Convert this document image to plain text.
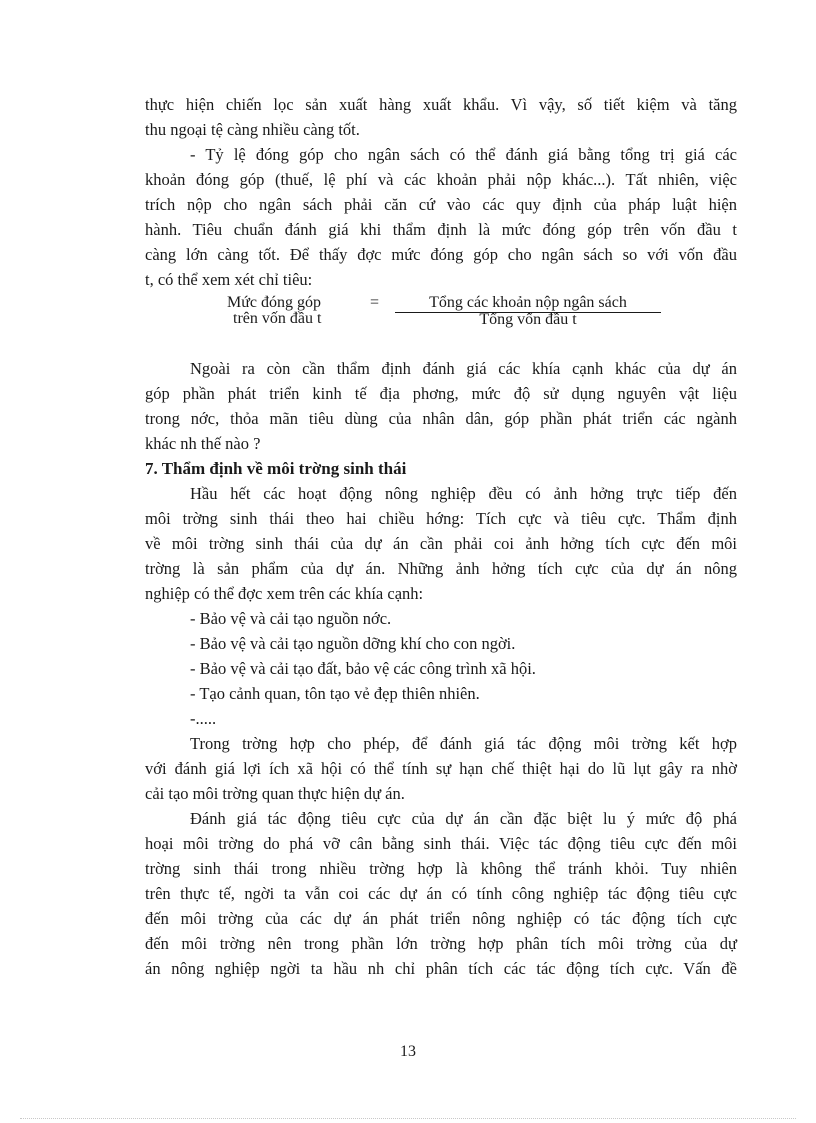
thực hiện chiến lọc sản xuất hàng xuất khẩu. Vì vậy, số tiết kiệm và tăng
thu ngoại tệ càng nhiều càng tốt.
- Tỷ lệ đóng góp cho ngân sách có thể đánh giá bằng tổng trị giá các
khoản đóng góp (thuế, lệ phí và các khoản phải nộp khác...). Tất nhiên, việc
trích nộp cho ngân sách phải căn cứ vào các quy định của pháp luật hiện
hành. Tiêu chuẩn đánh giá khi thẩm định là mức đóng góp trên vốn đầu t
càng lớn càng tốt. Để thấy đợc mức đóng góp cho ngân sách so với vốn đầu
t, có thể xem xét chỉ tiêu:
Mức đóng góp
trên vốn đầu t
=	Tổng các khoản nộp ngân sách
Tổng vốn đầu t
Ngoài ra còn cần thẩm định đánh giá các khía cạnh khác của dự án
góp phần phát triển kinh tế địa phơng, mức độ sử dụng nguyên vật liệu
trong nớc, thỏa mãn tiêu dùng của nhân dân, góp phần phát triển các ngành
khác nh thế nào ?
7. Thẩm định về môi trờng sinh thái
Hầu hết các hoạt động nông nghiệp đều có ảnh hởng trực tiếp đến
môi trờng sinh thái theo hai chiều hớng: Tích cực và tiêu cực. Thẩm định
về môi trờng sinh thái của dự án cần phải coi ảnh hởng tích cực đến môi
trờng là sản phẩm của dự án. Những ảnh hởng tích cực của dự án nông
nghiệp có thể đợc xem trên các khía cạnh:
- Bảo vệ và cải tạo nguồn nớc.
- Bảo vệ và cải tạo nguồn dỡng khí cho con ngời.
- Bảo vệ và cải tạo đất, bảo vệ các công trình xã hội.
- Tạo cảnh quan, tôn tạo vẻ đẹp thiên nhiên.
-.....
Trong trờng hợp cho phép, để đánh giá tác động môi trờng kết hợp
với đánh giá lợi ích xã hội có thể tính sự hạn chế thiệt hại do lũ lụt gây ra nhờ
cải tạo môi trờng quan thực hiện dự án.
Đánh giá tác động tiêu cực của dự án cần đặc biệt lu ý mức độ phá
hoại môi trờng do phá vỡ cân bằng sinh thái. Việc tác động tiêu cực đến môi
trờng sinh thái trong nhiều trờng hợp là không thể tránh khỏi. Tuy nhiên
trên thực tế, ngời ta vẫn coi các dự án có tính công nghiệp tác động tiêu cực
đến môi trờng của các dự án phát triển nông nghiệp có tác động tích cực
đến môi trờng nên trong phần lớn trờng hợp phân tích môi trờng của dự
án nông nghiệp ngời ta hầu nh chỉ phân tích các tác động tích cực. Vấn đề
13
